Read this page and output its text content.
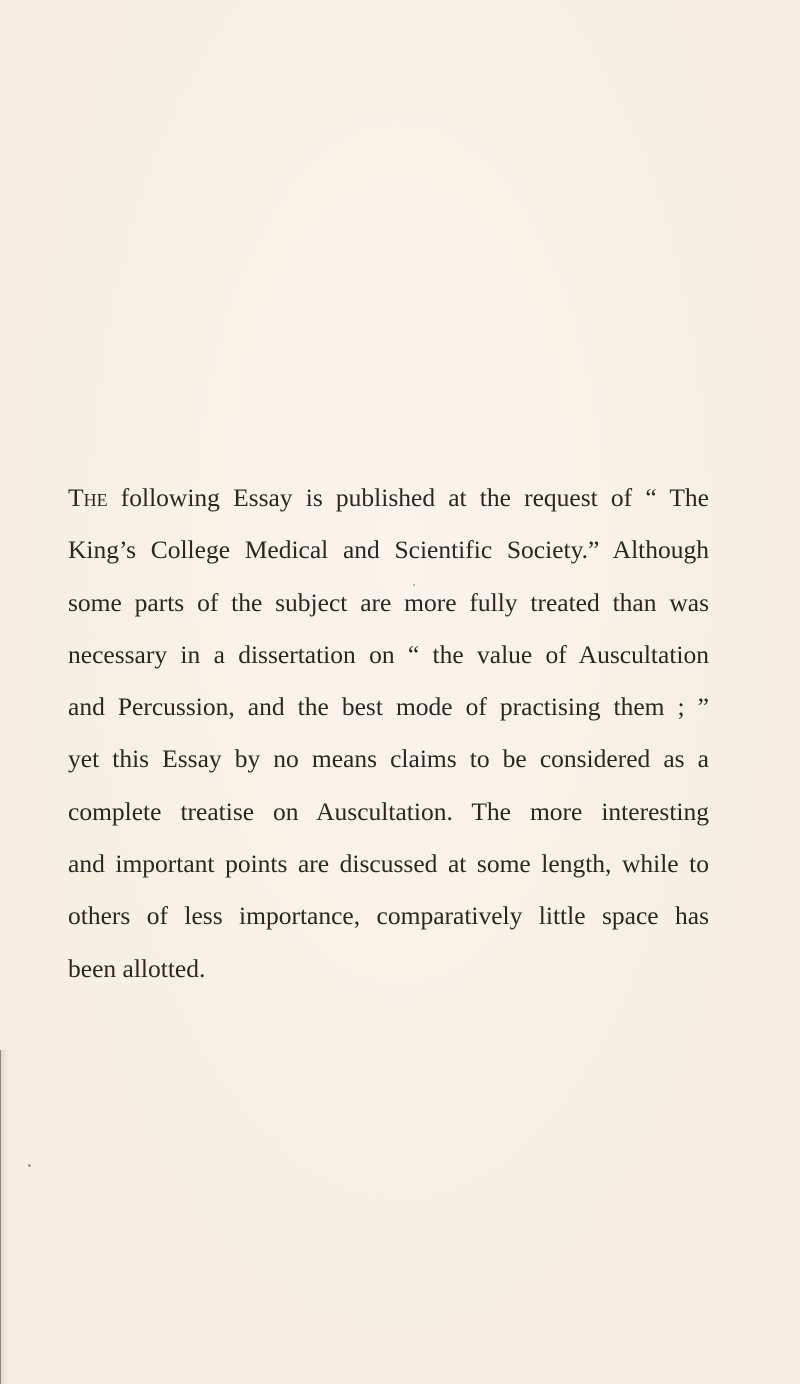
The following Essay is published at the request of “ The
King’s College Medical and Scientific Society.” Although
some parts of the subject are more fully treated than was
necessary in a dissertation on “ the value of Auscultation
and Percussion, and the best mode of practising them ; ”
yet this Essay by no means claims to be considered as a
complete treatise on Auscultation. The more interesting
and important points are discussed at some length, while to
others of less importance, comparatively little space has
been allotted.
